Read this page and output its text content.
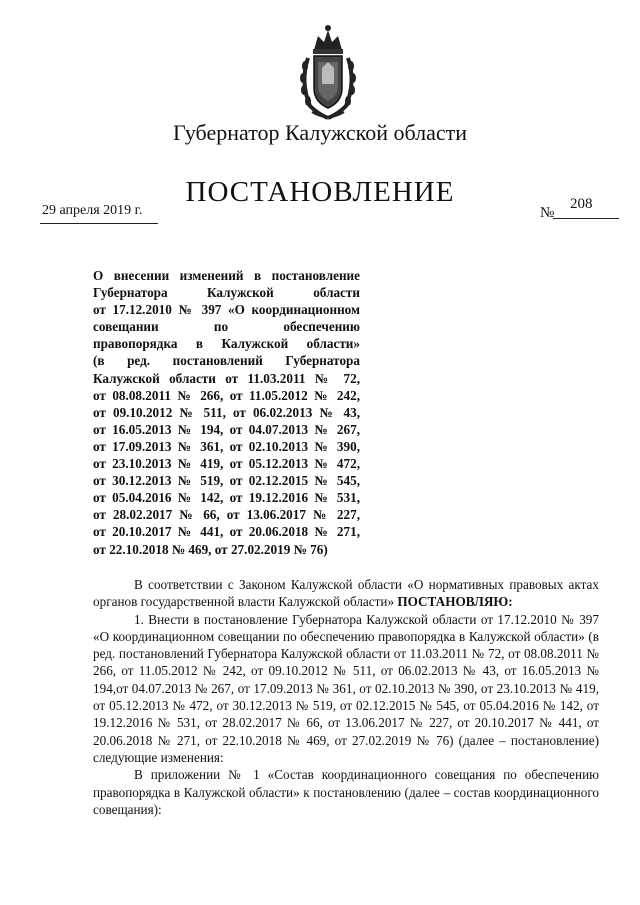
Губернатор Калужской области
ПОСТАНОВЛЕНИЕ
29 апреля 2019 г.	№
208
О внесении изменений в постановление
Губернатора Калужской области
от 17.12.2010 № 397 «О координационном
совещании по обеспечению
правопорядка в Калужской области»
(в ред. постановлений Губернатора
Калужской области от 11.03.2011 № 72,
от 08.08.2011 № 266, от 11.05.2012 № 242,
от 09.10.2012 № 511, от 06.02.2013 № 43,
от 16.05.2013 № 194, от 04.07.2013 № 267,
от 17.09.2013 № 361, от 02.10.2013 № 390,
от 23.10.2013 № 419, от 05.12.2013 № 472,
от 30.12.2013 № 519, от 02.12.2015 № 545,
от 05.04.2016 № 142, от 19.12.2016 № 531,
от 28.02.2017 № 66, от 13.06.2017 № 227,
от 20.10.2017 № 441, от 20.06.2018 № 271,
от 22.10.2018 № 469, от 27.02.2019 № 76)
В соответствии с Законом Калужской области «О нормативных правовых актах органов государственной власти Калужской области» ПОСТАНОВЛЯЮ:
1. Внести в постановление Губернатора Калужской области от 17.12.2010 № 397 «О координационном совещании по обеспечению правопорядка в Калужской области» (в ред. постановлений Губернатора Калужской области от 11.03.2011 № 72, от 08.08.2011 № 266, от 11.05.2012 № 242, от 09.10.2012 № 511, от 06.02.2013 № 43, от 16.05.2013 № 194,от 04.07.2013 № 267, от 17.09.2013 № 361, от 02.10.2013 № 390, от 23.10.2013 № 419, от 05.12.2013 № 472, от 30.12.2013 № 519, от 02.12.2015 № 545, от 05.04.2016 № 142, от 19.12.2016 № 531, от 28.02.2017 № 66, от 13.06.2017 № 227, от 20.10.2017 № 441, от 20.06.2018 № 271, от 22.10.2018 № 469, от 27.02.2019 № 76) (далее – постановление) следующие изменения:
В приложении № 1 «Состав координационного совещания по обеспечению правопорядка в Калужской области» к постановлению (далее – состав координационного совещания):
